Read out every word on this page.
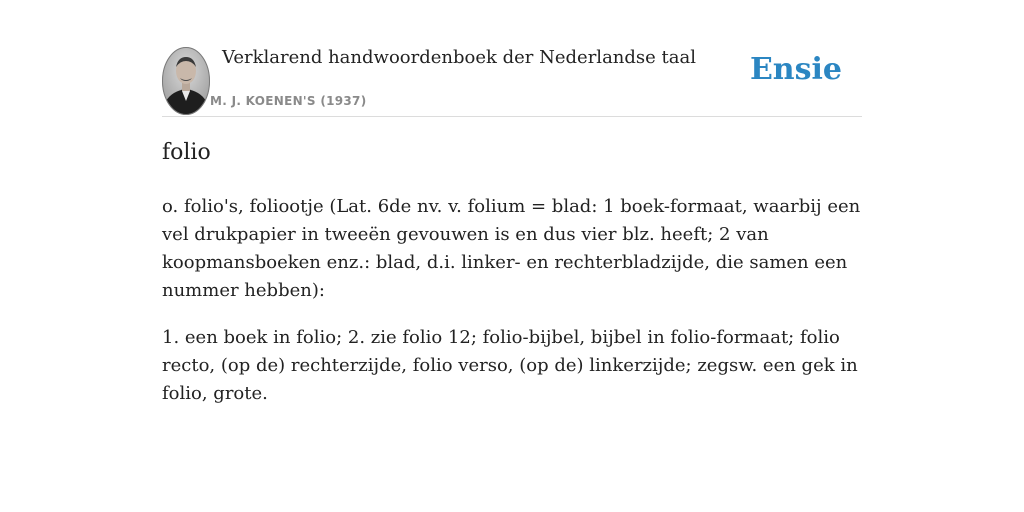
Verklarend handwoordenboek der Nederlandse taal
M. J. KOENEN'S (1937)
Ensie
folio

o. folio's, foliootje (Lat. 6de nv. v. folium = blad: 1 boek-formaat, waarbij een vel drukpapier in tweeën gevouwen is en dus vier blz. heeft; 2 van koopmansboeken enz.: blad, d.i. linker- en rechterbladzijde, die samen een nummer hebben):

1. een boek in folio; 2. zie folio 12; folio-bijbel, bijbel in folio-formaat; folio recto, (op de) rechterzijde, folio verso, (op de) linkerzijde; zegsw. een gek in folio, grote.
